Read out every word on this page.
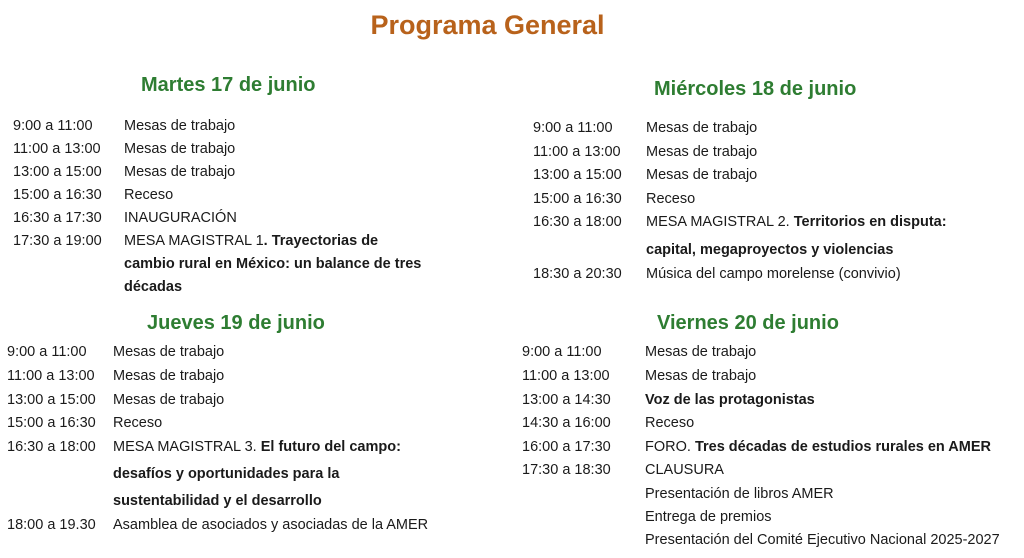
Programa General
Martes 17 de junio
9:00 a 11:00 Mesas de trabajo
11:00 a 13:00 Mesas de trabajo
13:00 a 15:00 Mesas de trabajo
15:00 a 16:30 Receso
16:30 a 17:30 INAUGURACIÓN
17:30 a 19:00 MESA MAGISTRAL 1. Trayectorias de
cambio rural en México: un balance de tres
décadas
Miércoles 18 de junio
9:00 a 11:00 Mesas de trabajo
11:00 a 13:00 Mesas de trabajo
13:00 a 15:00 Mesas de trabajo
15:00 a 16:30 Receso
16:30 a 18:00 MESA MAGISTRAL 2. Territorios en disputa:
capital, megaproyectos y violencias
18:30 a 20:30 Música del campo morelense (convivio)
Jueves 19 de junio
9:00 a 11:00 Mesas de trabajo
11:00 a 13:00 Mesas de trabajo
13:00 a 15:00 Mesas de trabajo
15:00 a 16:30 Receso
16:30 a 18:00 MESA MAGISTRAL 3. El futuro del campo:
desafíos y oportunidades para la
sustentabilidad y el desarrollo
18:00 a 19.30 Asamblea de asociados y asociadas de la AMER
Viernes 20 de junio
9:00 a 11:00	Mesas de trabajo
11:00 a 13:00 Mesas de trabajo
13:00 a 14:30 Voz de las protagonistas
14:30 a 16:00 Receso
16:00 a 17:30 FORO. Tres décadas de estudios rurales en AMER
17:30 a 18:30 CLAUSURA
Presentación de libros AMER
Entrega de premios
Presentación del Comité Ejecutivo Nacional 2025-2027
